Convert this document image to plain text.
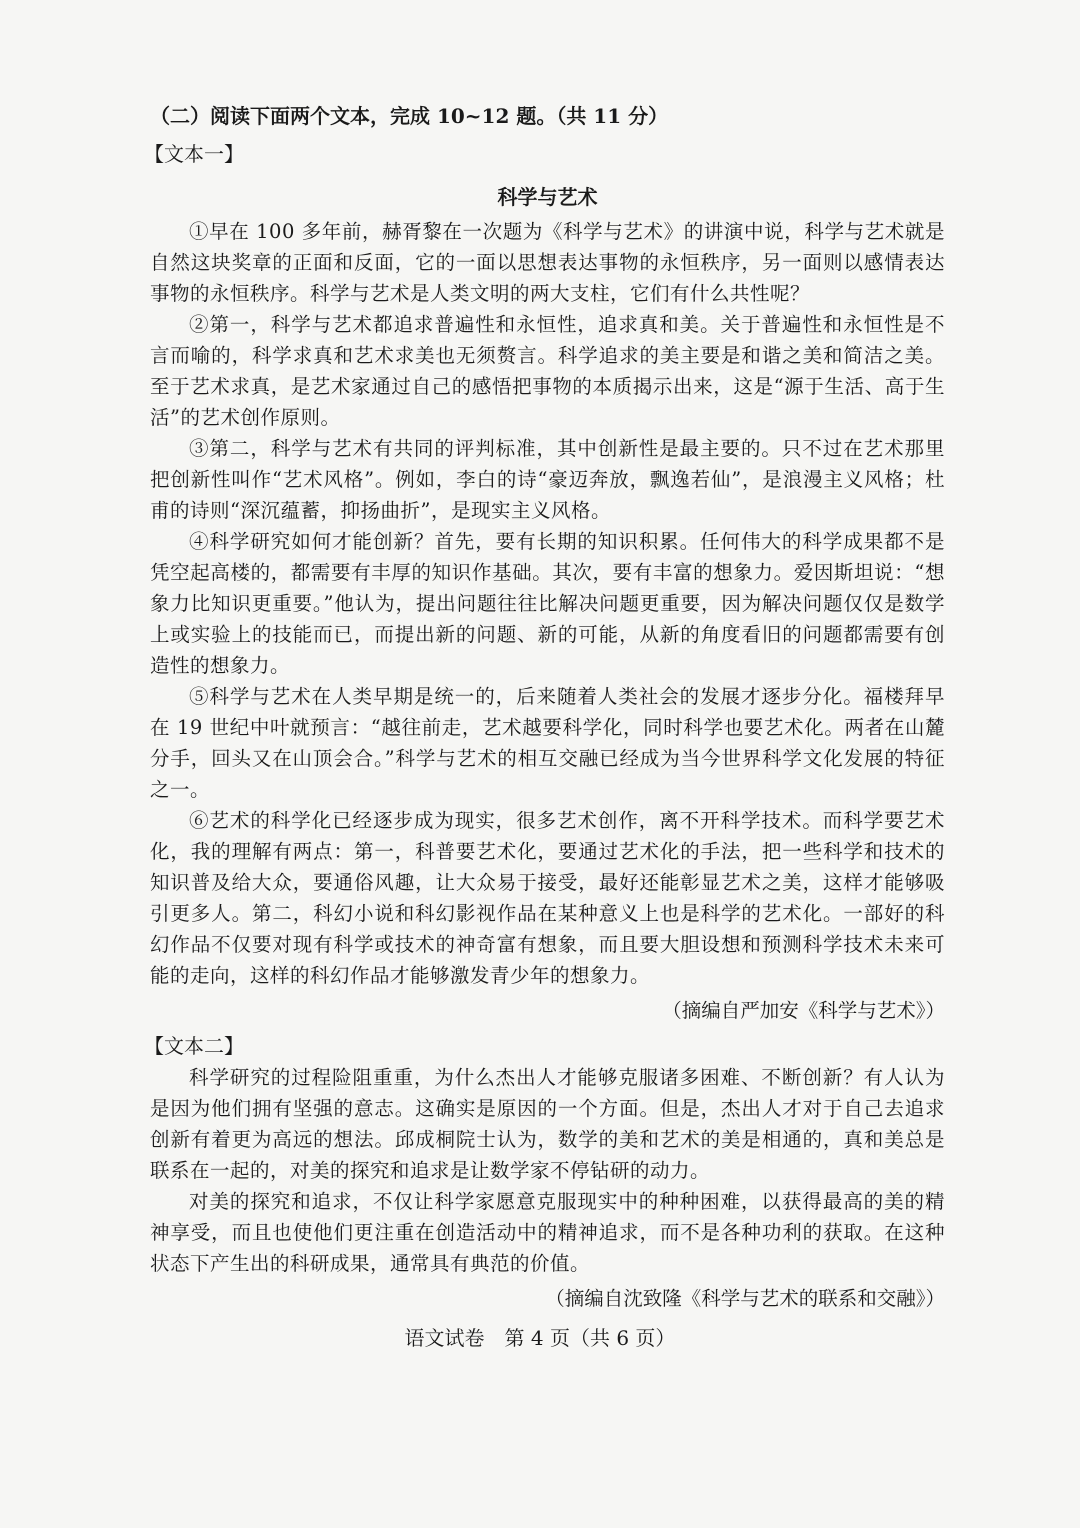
（二）阅读下面两个文本，完成 10~12 题。（共 11 分）
【文本一】
科学与艺术

①早在 100 多年前，赫胥黎在一次题为《科学与艺术》的讲演中说，科学与艺术就是自然这块奖章的正面和反面，它的一面以思想表达事物的永恒秩序，另一面则以感情表达事物的永恒秩序。科学与艺术是人类文明的两大支柱，它们有什么共性呢？

②第一，科学与艺术都追求普遍性和永恒性，追求真和美。关于普遍性和永恒性是不言而喻的，科学求真和艺术求美也无须赘言。科学追求的美主要是和谐之美和简洁之美。至于艺术求真，是艺术家通过自己的感悟把事物的本质揭示出来，这是“源于生活、高于生活”的艺术创作原则。

③第二，科学与艺术有共同的评判标准，其中创新性是最主要的。只不过在艺术那里把创新性叫作“艺术风格”。例如，李白的诗“豪迈奔放，飘逸若仙”，是浪漫主义风格；杜甫的诗则“深沉蕴蓄，抑扬曲折”，是现实主义风格。

④科学研究如何才能创新？首先，要有长期的知识积累。任何伟大的科学成果都不是凭空起高楼的，都需要有丰厚的知识作基础。其次，要有丰富的想象力。爱因斯坦说：“想象力比知识更重要。”他认为，提出问题往往比解决问题更重要，因为解决问题仅仅是数学上或实验上的技能而已，而提出新的问题、新的可能，从新的角度看旧的问题都需要有创造性的想象力。

⑤科学与艺术在人类早期是统一的，后来随着人类社会的发展才逐步分化。福楼拜早在 19 世纪中叶就预言：“越往前走，艺术越要科学化，同时科学也要艺术化。两者在山麓分手，回头又在山顶会合。”科学与艺术的相互交融已经成为当今世界科学文化发展的特征之一。

⑥艺术的科学化已经逐步成为现实，很多艺术创作，离不开科学技术。而科学要艺术化，我的理解有两点：第一，科普要艺术化，要通过艺术化的手法，把一些科学和技术的知识普及给大众，要通俗风趣，让大众易于接受，最好还能彰显艺术之美，这样才能够吸引更多人。第二，科幻小说和科幻影视作品在某种意义上也是科学的艺术化。一部好的科幻作品不仅要对现有科学或技术的神奇富有想象，而且要大胆设想和预测科学技术未来可能的走向，这样的科幻作品才能够激发青少年的想象力。

（摘编自严加安《科学与艺术》）
【文本二】

科学研究的过程险阻重重，为什么杰出人才能够克服诸多困难、不断创新？有人认为是因为他们拥有坚强的意志。这确实是原因的一个方面。但是，杰出人才对于自己去追求创新有着更为高远的想法。邱成桐院士认为，数学的美和艺术的美是相通的，真和美总是联系在一起的，对美的探究和追求是让数学家不停钻研的动力。

对美的探究和追求，不仅让科学家愿意克服现实中的种种困难，以获得最高的美的精神享受，而且也使他们更注重在创造活动中的精神追求，而不是各种功利的获取。在这种状态下产生出的科研成果，通常具有典范的价值。

（摘编自沈致隆《科学与艺术的联系和交融》）
语文试卷　第 4 页（共 6 页）
